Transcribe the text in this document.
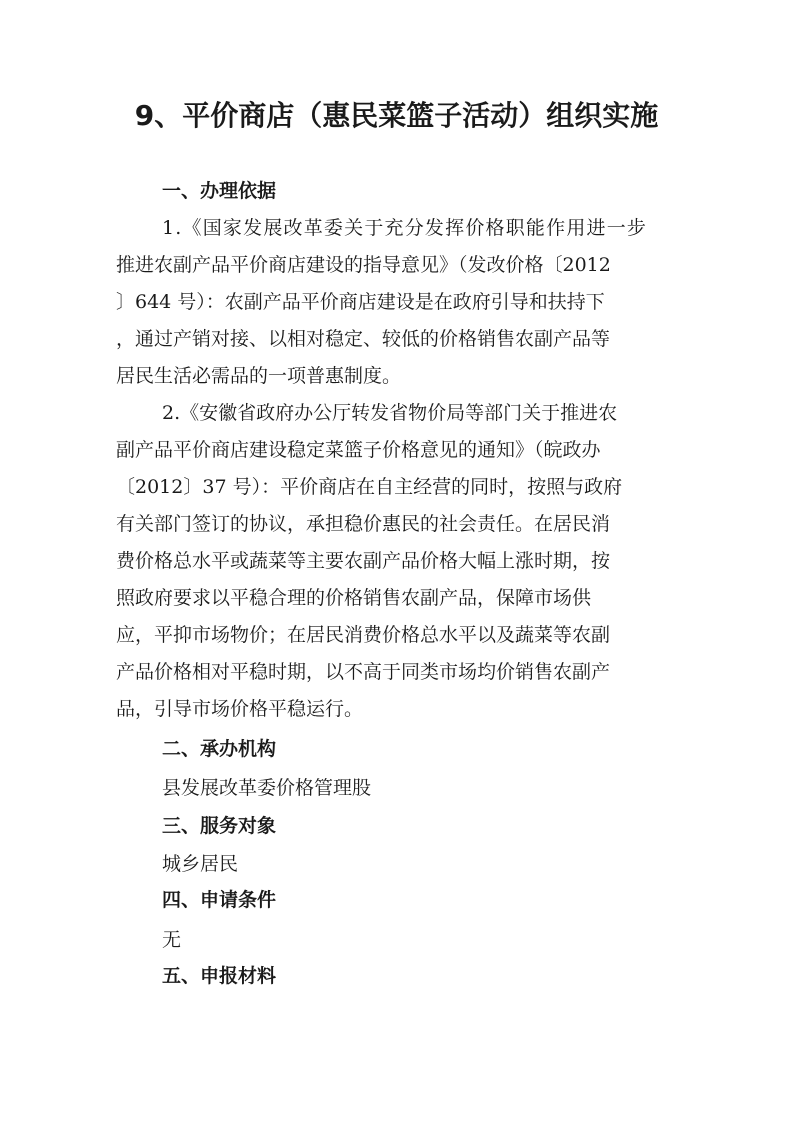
9、平价商店（惠民菜篮子活动）组织实施
一、办理依据
1.《国家发展改革委关于充分发挥价格职能作用进一步
推进农副产品平价商店建设的指导意见》（发改价格〔2012
〕644 号）：农副产品平价商店建设是在政府引导和扶持下
，通过产销对接、以相对稳定、较低的价格销售农副产品等
居民生活必需品的一项普惠制度。
2.《安徽省政府办公厅转发省物价局等部门关于推进农
副产品平价商店建设稳定菜篮子价格意见的通知》（皖政办
〔2012〕37 号）：平价商店在自主经营的同时，按照与政府
有关部门签订的协议，承担稳价惠民的社会责任。在居民消
费价格总水平或蔬菜等主要农副产品价格大幅上涨时期，按
照政府要求以平稳合理的价格销售农副产品，保障市场供
应，平抑市场物价；在居民消费价格总水平以及蔬菜等农副
产品价格相对平稳时期，以不高于同类市场均价销售农副产
品，引导市场价格平稳运行。
二、承办机构
县发展改革委价格管理股
三、服务对象
城乡居民
四、申请条件
无
五、申报材料
